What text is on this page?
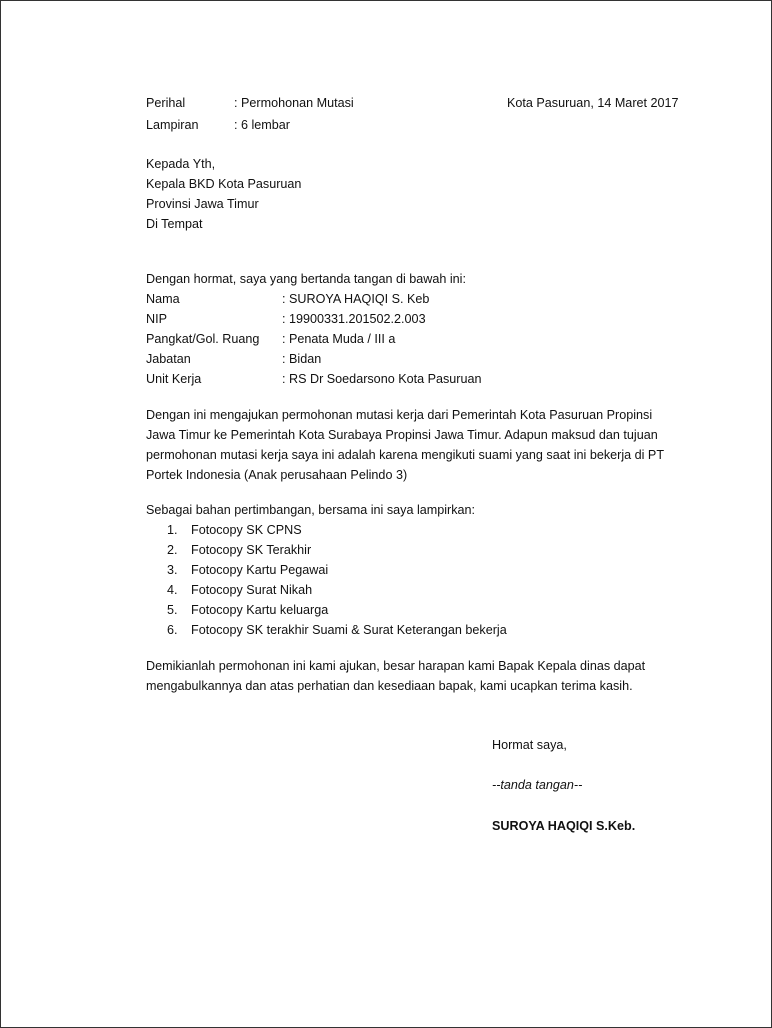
Perihal	: Permohonan Mutasi	Kota Pasuruan, 14 Maret 2017
Lampiran	: 6 lembar
Kepada Yth,
Kepala BKD Kota Pasuruan
Provinsi Jawa Timur
Di Tempat
Dengan hormat, saya yang bertanda tangan di bawah ini:
Nama	: SUROYA HAQIQI S. Keb
NIP	: 19900331.201502.2.003
Pangkat/Gol. Ruang : Penata Muda / III a
Jabatan	: Bidan
Unit Kerja	: RS Dr Soedarsono Kota Pasuruan
Dengan ini mengajukan permohonan mutasi kerja dari Pemerintah Kota Pasuruan Propinsi
Jawa Timur ke Pemerintah Kota Surabaya Propinsi Jawa Timur. Adapun maksud dan tujuan
permohonan mutasi kerja saya ini adalah karena mengikuti suami yang saat ini bekerja di PT
Portek Indonesia (Anak perusahaan Pelindo 3)
Sebagai bahan pertimbangan, bersama ini saya lampirkan:
1. Fotocopy SK CPNS
2. Fotocopy SK Terakhir
3. Fotocopy Kartu Pegawai
4. Fotocopy Surat Nikah
5. Fotocopy Kartu keluarga
6. Fotocopy SK terakhir Suami & Surat Keterangan bekerja
Demikianlah permohonan ini kami ajukan, besar harapan kami Bapak Kepala dinas dapat
mengabulkannya dan atas perhatian dan kesediaan bapak, kami ucapkan terima kasih.
Hormat saya,
--tanda tangan--
SUROYA HAQIQI S.Keb.
